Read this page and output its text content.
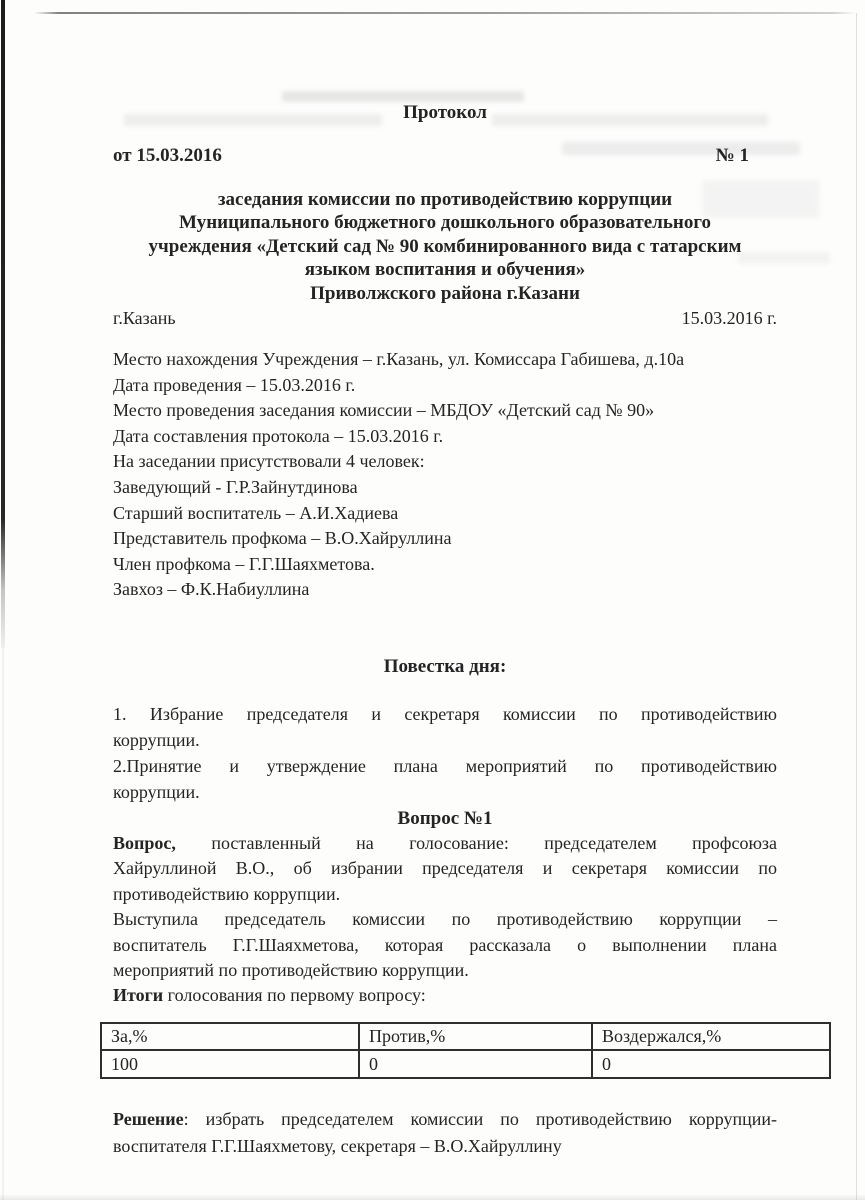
Протокол
от 15.03.2016	№ 1
заседания комиссии по противодействию коррупции
Муниципального бюджетного дошкольного образовательного
учреждения «Детский сад № 90 комбинированного вида с татарским
языком воспитания и обучения»
Приволжского района г.Казани
г.Казань	15.03.2016 г.
Место нахождения Учреждения – г.Казань, ул. Комиссара Габишева, д.10а
Дата проведения – 15.03.2016 г.
Место проведения заседания комиссии – МБДОУ «Детский сад № 90»
Дата составления протокола – 15.03.2016 г.
На заседании присутствовали 4 человек:
Заведующий - Г.Р.Зайнутдинова
Старший воспитатель – А.И.Хадиева
Представитель профкома – В.О.Хайруллина
Член профкома – Г.Г.Шаяхметова.
Завхоз – Ф.К.Набиуллина
Повестка дня:
1. Избрание председателя и секретаря комиссии по противодействию
коррупции.
2.Принятие и утверждение плана мероприятий по противодействию
коррупции.
Вопрос №1
Вопрос, поставленный на голосование: председателем профсоюза
Хайруллиной В.О., об избрании председателя и секретаря комиссии по
противодействию коррупции.
Выступила председатель комиссии по противодействию коррупции –
воспитатель Г.Г.Шаяхметова, которая рассказала о выполнении плана
мероприятий по противодействию коррупции.
Итоги голосования по первому вопросу:
За,%	Против,%	Воздержался,%
100	0	0
Решение: избрать председателем комиссии по противодействию коррупции-
воспитателя Г.Г.Шаяхметову, секретаря – В.О.Хайруллину
